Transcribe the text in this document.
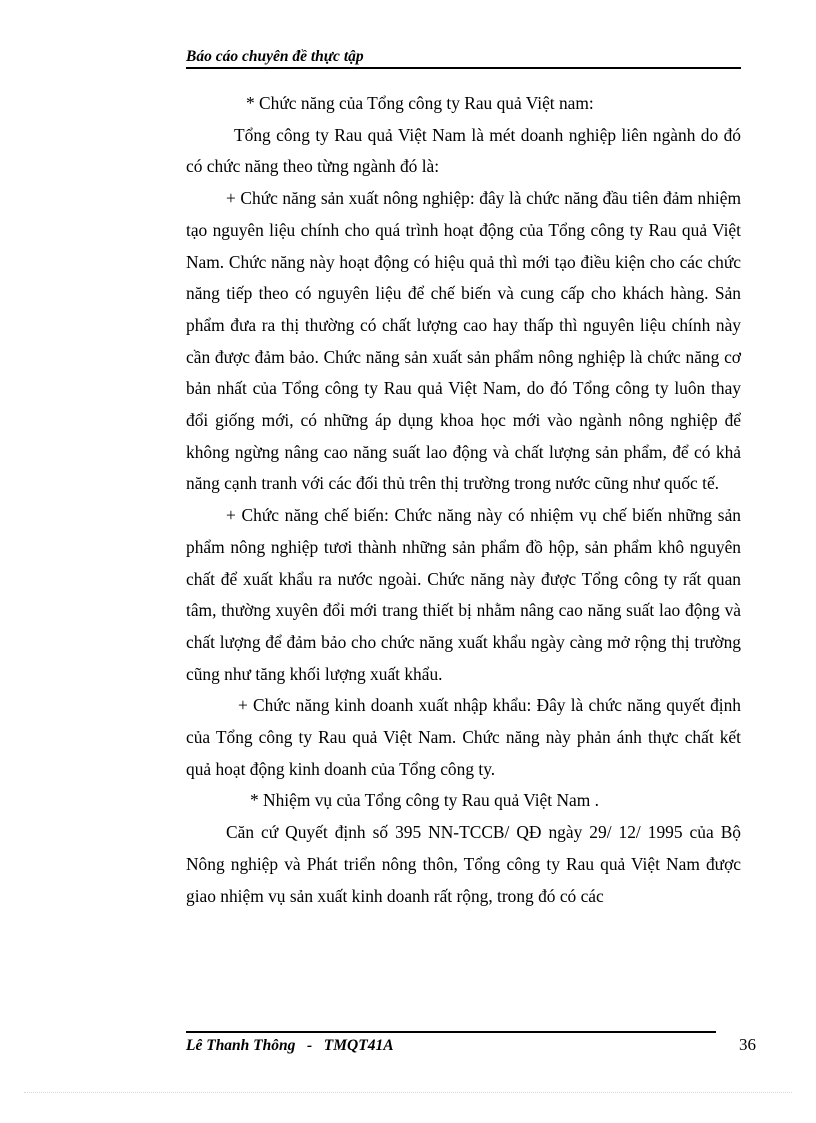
Báo cáo chuyên đề thực tập

* Chức năng của Tổng công ty Rau quả Việt nam:

Tổng công ty Rau quả Việt Nam là mét doanh nghiệp liên ngành do đó có chức năng theo từng ngành đó là:

+ Chức năng sản xuất nông nghiệp: đây là chức năng đầu tiên đảm nhiệm tạo nguyên liệu chính cho quá trình hoạt động của Tổng công ty Rau quả Việt Nam. Chức năng này hoạt động có hiệu quả thì mới tạo điều kiện cho các chức năng tiếp theo có nguyên liệu để chế biến và cung cấp cho khách hàng. Sản phẩm đưa ra thị thường có chất lượng cao hay thấp thì nguyên liệu chính này cần được đảm bảo. Chức năng sản xuất sản phẩm nông nghiệp là chức năng cơ bản nhất của Tổng công ty Rau quả Việt Nam, do đó Tổng công ty luôn thay đổi giống mới, có những áp dụng khoa học mới vào ngành nông nghiệp để không ngừng nâng cao năng suất lao động và chất lượng sản phẩm, để có khả năng cạnh tranh với các đối thủ trên thị trường trong nước cũng như quốc tế.

+ Chức năng chế biến: Chức năng này có nhiệm vụ chế biến những sản phẩm nông nghiệp tươi thành những sản phẩm đồ hộp, sản phẩm khô nguyên chất để xuất khẩu ra nước ngoài. Chức năng này được Tổng công ty rất quan tâm, thường xuyên đổi mới trang thiết bị nhằm nâng cao năng suất lao động và chất lượng để đảm bảo cho chức năng xuất khẩu ngày càng mở rộng thị trường cũng như tăng khối lượng xuất khẩu.

+ Chức năng kinh doanh xuất nhập khẩu: Đây là chức năng quyết định của Tổng công ty Rau quả Việt Nam. Chức năng này phản ánh thực chất kết quả hoạt động kinh doanh của Tổng công ty.

* Nhiệm vụ của Tổng công ty Rau quả Việt Nam .

Căn cứ Quyết định số 395 NN-TCCB/ QĐ ngày 29/ 12/ 1995 của Bộ Nông nghiệp và Phát triển nông thôn, Tổng công ty Rau quả Việt Nam được giao nhiệm vụ sản xuất kinh doanh rất rộng, trong đó có các

Lê Thanh Thông   -   TMQT41A	36
